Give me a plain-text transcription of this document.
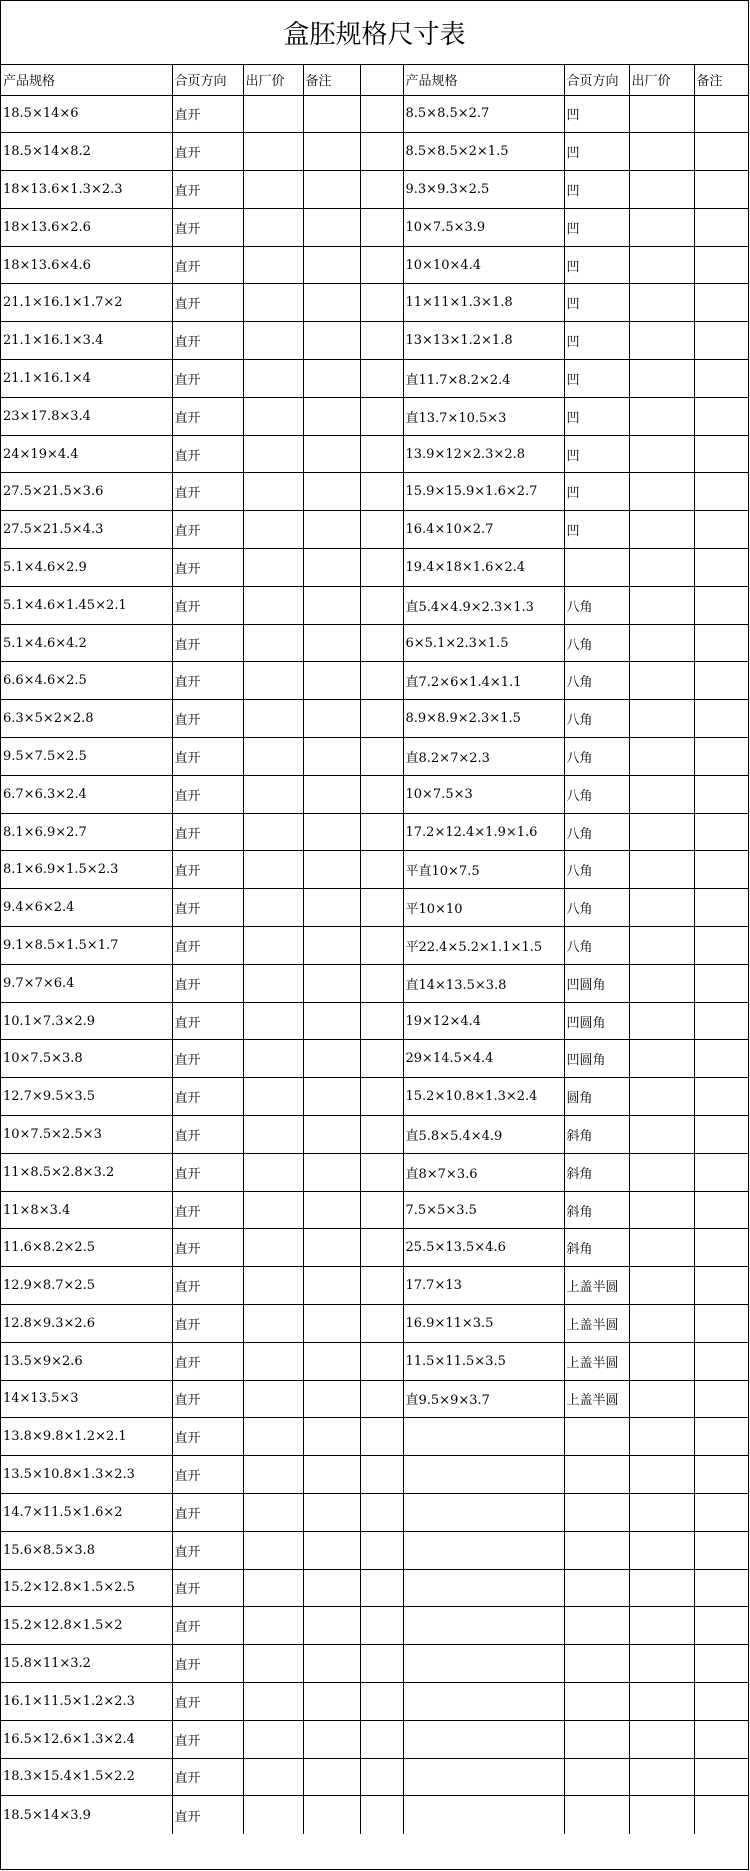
盒胚规格尺寸表
产品规格	合页方向	出厂价	备注		产品规格	合页方向	出厂价	备注
18.5×14×6	直开				8.5×8.5×2.7	凹		
18.5×14×8.2	直开				8.5×8.5×2×1.5	凹		
18×13.6×1.3×2.3	直开				9.3×9.3×2.5	凹		
18×13.6×2.6	直开				10×7.5×3.9	凹		
18×13.6×4.6	直开				10×10×4.4	凹		
21.1×16.1×1.7×2	直开				11×11×1.3×1.8	凹		
21.1×16.1×3.4	直开				13×13×1.2×1.8	凹		
21.1×16.1×4	直开				直11.7×8.2×2.4	凹		
23×17.8×3.4	直开				直13.7×10.5×3	凹		
24×19×4.4	直开				13.9×12×2.3×2.8	凹		
27.5×21.5×3.6	直开				15.9×15.9×1.6×2.7	凹		
27.5×21.5×4.3	直开				16.4×10×2.7	凹		
5.1×4.6×2.9	直开				19.4×18×1.6×2.4			
5.1×4.6×1.45×2.1	直开				直5.4×4.9×2.3×1.3	八角		
5.1×4.6×4.2	直开				6×5.1×2.3×1.5	八角		
6.6×4.6×2.5	直开				直7.2×6×1.4×1.1	八角		
6.3×5×2×2.8	直开				8.9×8.9×2.3×1.5	八角		
9.5×7.5×2.5	直开				直8.2×7×2.3	八角		
6.7×6.3×2.4	直开				10×7.5×3	八角		
8.1×6.9×2.7	直开				17.2×12.4×1.9×1.6	八角		
8.1×6.9×1.5×2.3	直开				平直10×7.5	八角		
9.4×6×2.4	直开				平10×10	八角		
9.1×8.5×1.5×1.7	直开				平22.4×5.2×1.1×1.5	八角		
9.7×7×6.4	直开				直14×13.5×3.8	凹圆角		
10.1×7.3×2.9	直开				19×12×4.4	凹圆角		
10×7.5×3.8	直开				29×14.5×4.4	凹圆角		
12.7×9.5×3.5	直开				15.2×10.8×1.3×2.4	圆角		
10×7.5×2.5×3	直开				直5.8×5.4×4.9	斜角		
11×8.5×2.8×3.2	直开				直8×7×3.6	斜角		
11×8×3.4	直开				7.5×5×3.5	斜角		
11.6×8.2×2.5	直开				25.5×13.5×4.6	斜角		
12.9×8.7×2.5	直开				17.7×13	上盖半圆		
12.8×9.3×2.6	直开				16.9×11×3.5	上盖半圆		
13.5×9×2.6	直开				11.5×11.5×3.5	上盖半圆		
14×13.5×3	直开				直9.5×9×3.7	上盖半圆		
13.8×9.8×1.2×2.1	直开							
13.5×10.8×1.3×2.3	直开							
14.7×11.5×1.6×2	直开							
15.6×8.5×3.8	直开							
15.2×12.8×1.5×2.5	直开							
15.2×12.8×1.5×2	直开							
15.8×11×3.2	直开							
16.1×11.5×1.2×2.3	直开							
16.5×12.6×1.3×2.4	直开							
18.3×15.4×1.5×2.2	直开							
18.5×14×3.9	直开							
